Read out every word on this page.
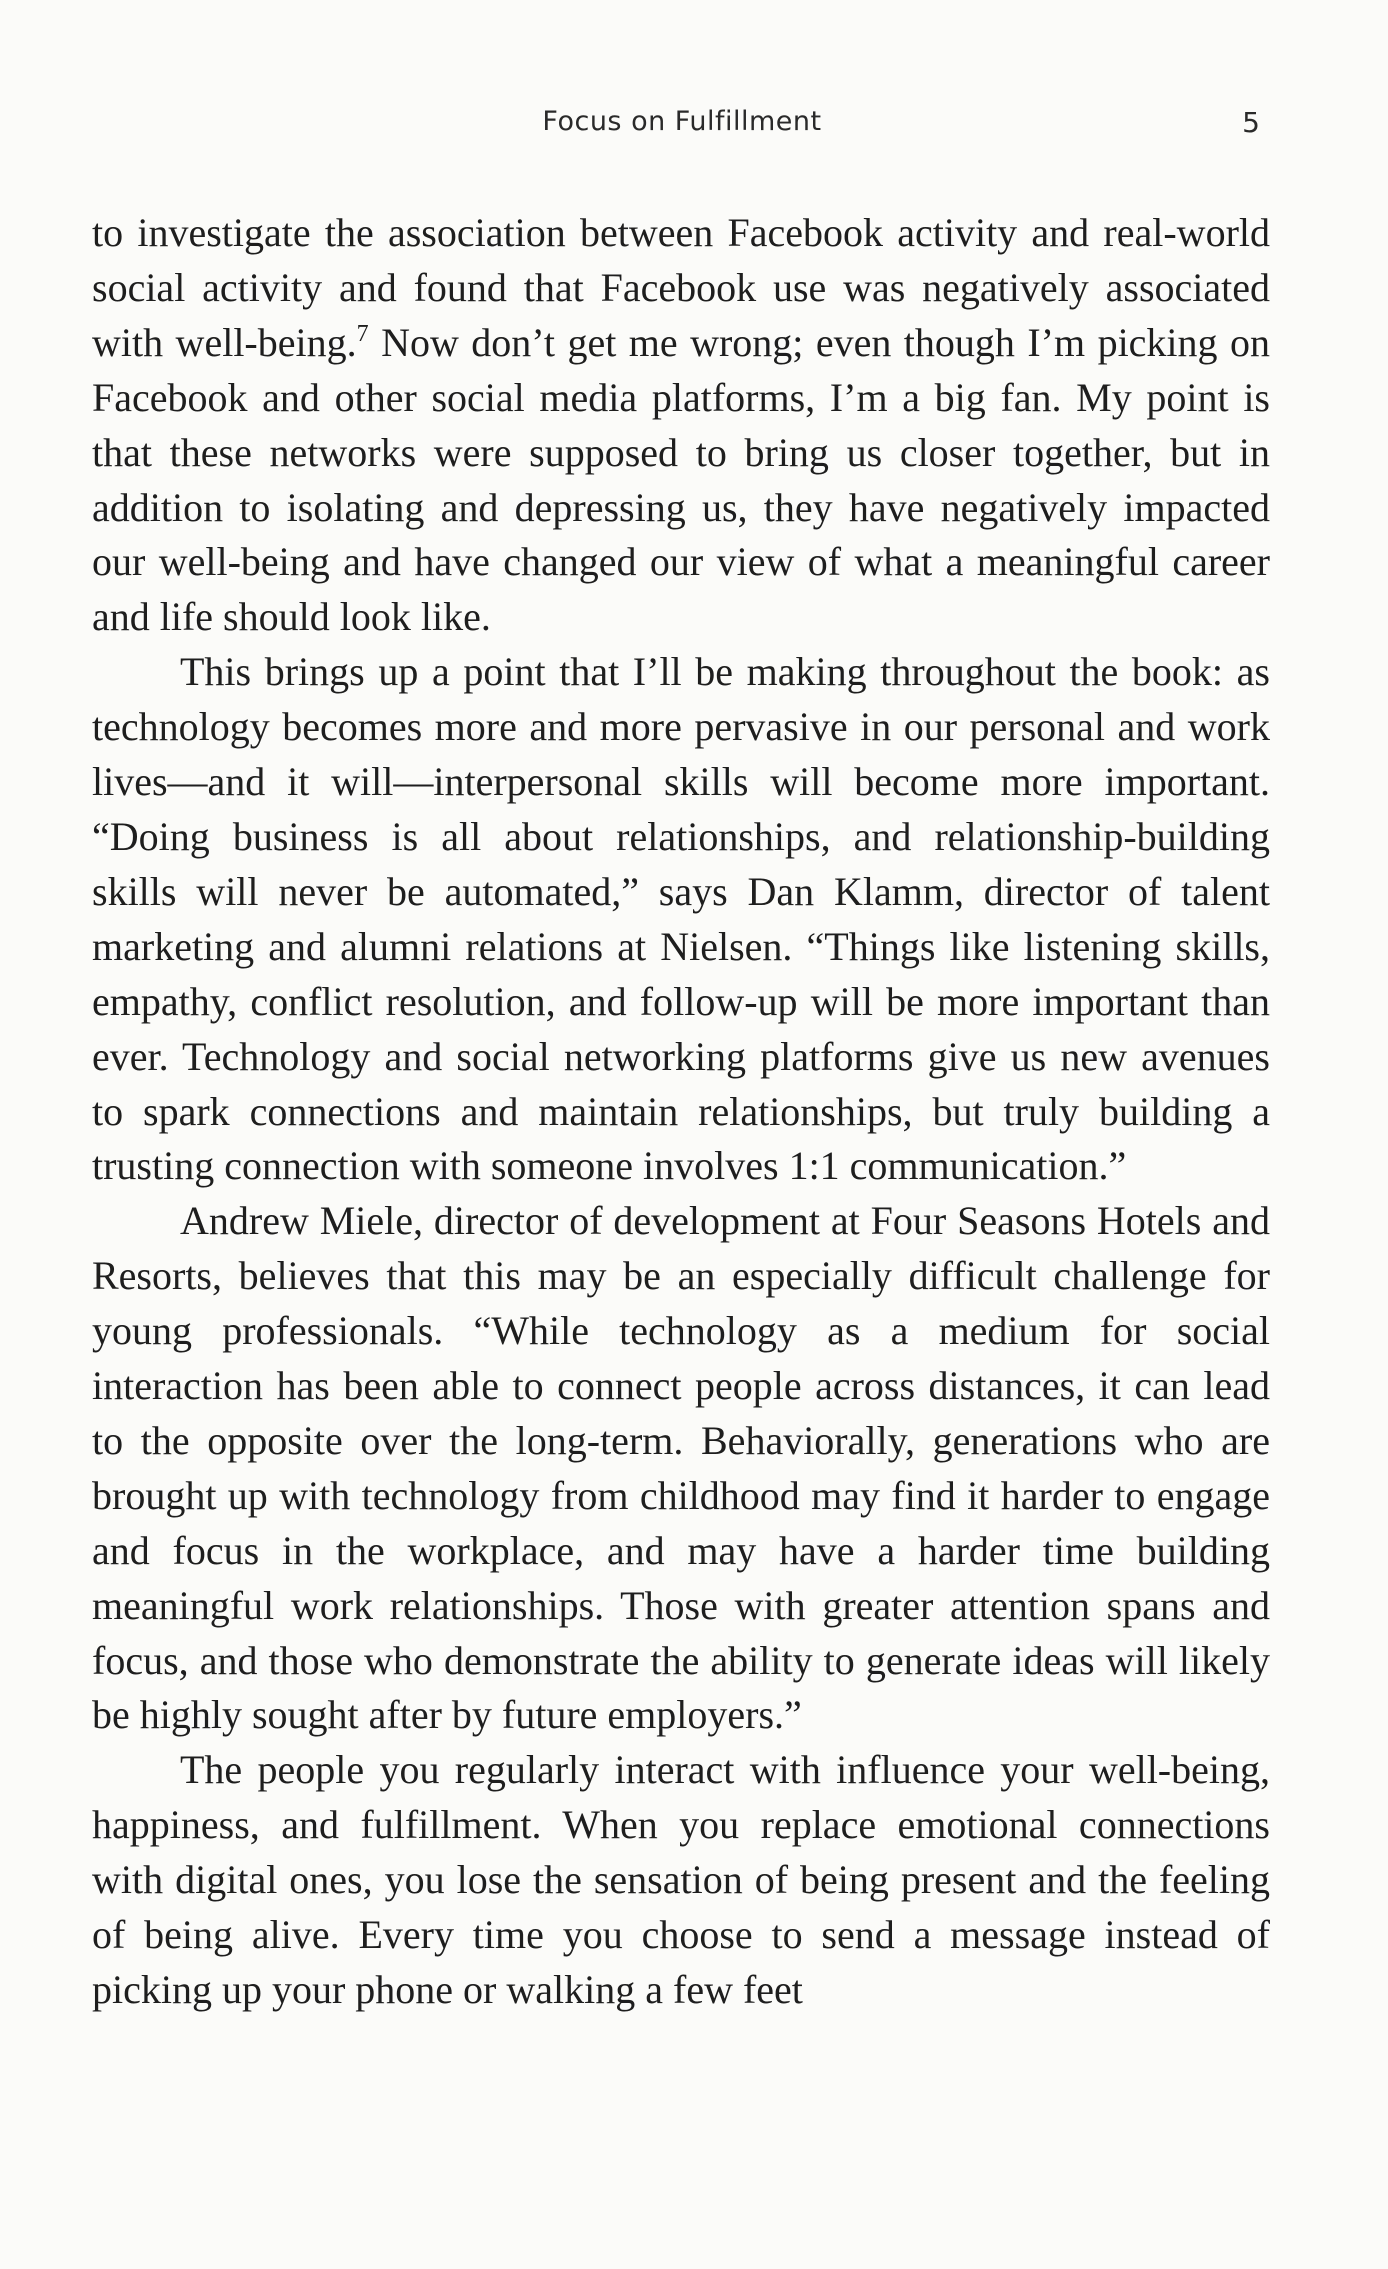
Focus on Fulfillment	5

to investigate the association between Facebook activity and real-world social activity and found that Facebook use was negatively associated with well-being.$^7$ Now don’t get me wrong; even though I’m picking on Facebook and other social media platforms, I’m a big fan. My point is that these networks were supposed to bring us closer together, but in addition to isolating and depressing us, they have negatively impacted our well-being and have changed our view of what a meaningful career and life should look like.

This brings up a point that I’ll be making throughout the book: as technology becomes more and more pervasive in our personal and work lives—and it will—interpersonal skills will become more important. “Doing business is all about relationships, and relationship-building skills will never be automated,” says Dan Klamm, director of talent marketing and alumni relations at Nielsen. “Things like listening skills, empathy, conflict resolution, and follow-up will be more important than ever. Technology and social networking platforms give us new avenues to spark connections and maintain relationships, but truly building a trusting connection with someone involves 1:1 communication.”

Andrew Miele, director of development at Four Seasons Hotels and Resorts, believes that this may be an especially difficult challenge for young professionals. “While technology as a medium for social interaction has been able to connect people across distances, it can lead to the opposite over the long-term. Behaviorally, generations who are brought up with technology from childhood may find it harder to engage and focus in the workplace, and may have a harder time building meaningful work relationships. Those with greater attention spans and focus, and those who demonstrate the ability to generate ideas will likely be highly sought after by future employers.”

The people you regularly interact with influence your well-being, happiness, and fulfillment. When you replace emotional connections with digital ones, you lose the sensation of being present and the feeling of being alive. Every time you choose to send a message instead of picking up your phone or walking a few feet
